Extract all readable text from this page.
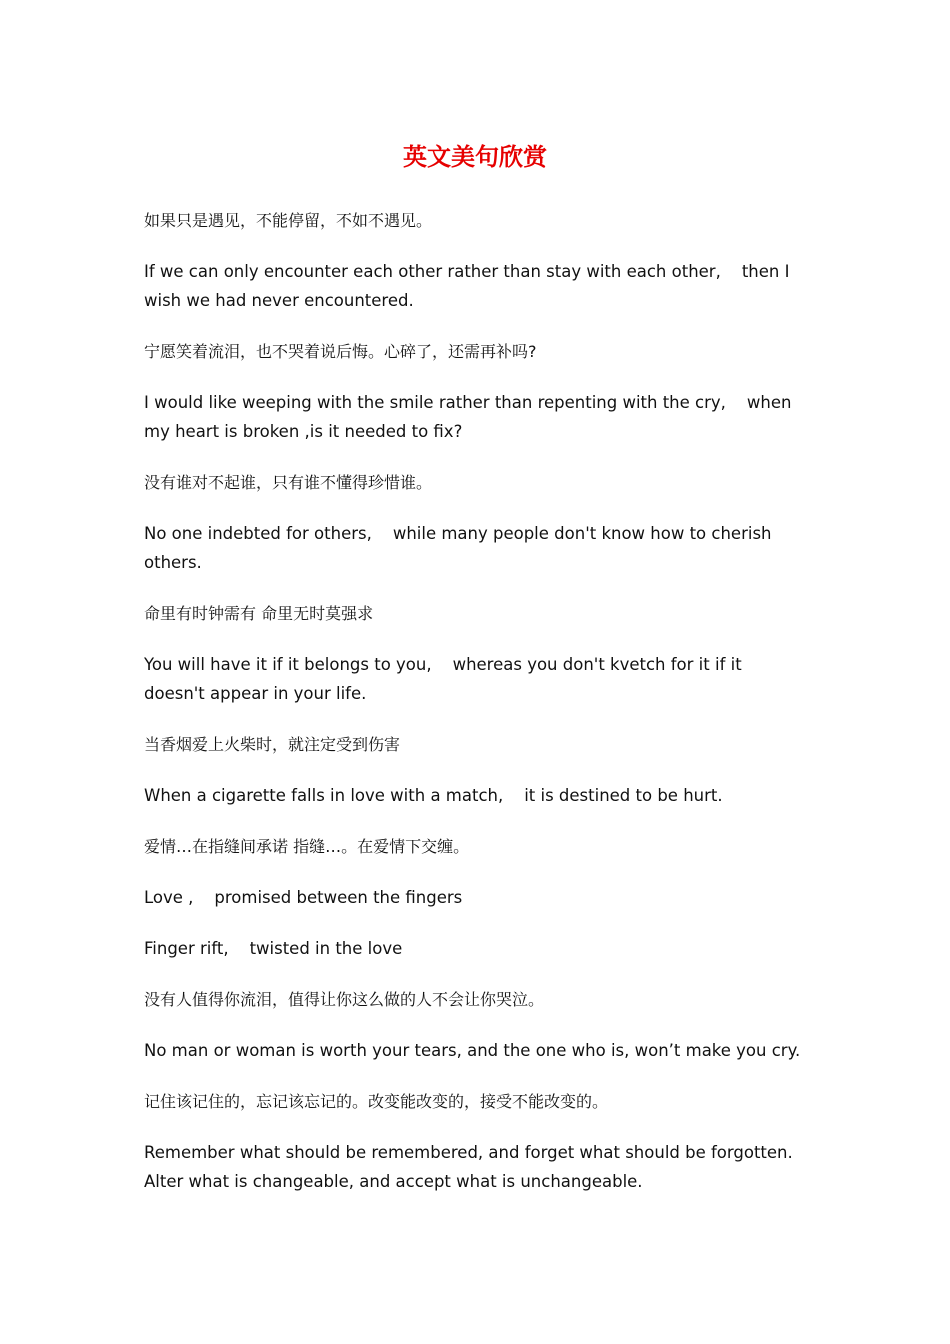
英文美句欣赏

如果只是遇见，不能停留，不如不遇见。

If we can only encounter each other rather than stay with each other,    then I wish we had never encountered.

宁愿笑着流泪，也不哭着说后悔。心碎了，还需再补吗?

I would like weeping with the smile rather than repenting with the cry,    when my heart is broken ,is it needed to fix?

没有谁对不起谁，只有谁不懂得珍惜谁。

No one indebted for others,    while many people don't know how to cherish others.

命里有时钟需有 命里无时莫强求

You will have it if it belongs to you,    whereas you don't kvetch for it if it doesn't appear in your life.

当香烟爱上火柴时，就注定受到伤害

When a cigarette falls in love with a match,    it is destined to be hurt.

爱情…在指缝间承诺 指缝…。在爱情下交缠。

Love ,    promised between the fingers

Finger rift,    twisted in the love

没有人值得你流泪，值得让你这么做的人不会让你哭泣。

No man or woman is worth your tears, and the one who is, won’t make you cry.

记住该记住的，忘记该忘记的。改变能改变的，接受不能改变的。

Remember what should be remembered, and forget what should be forgotten. Alter what is changeable, and accept what is unchangeable.
